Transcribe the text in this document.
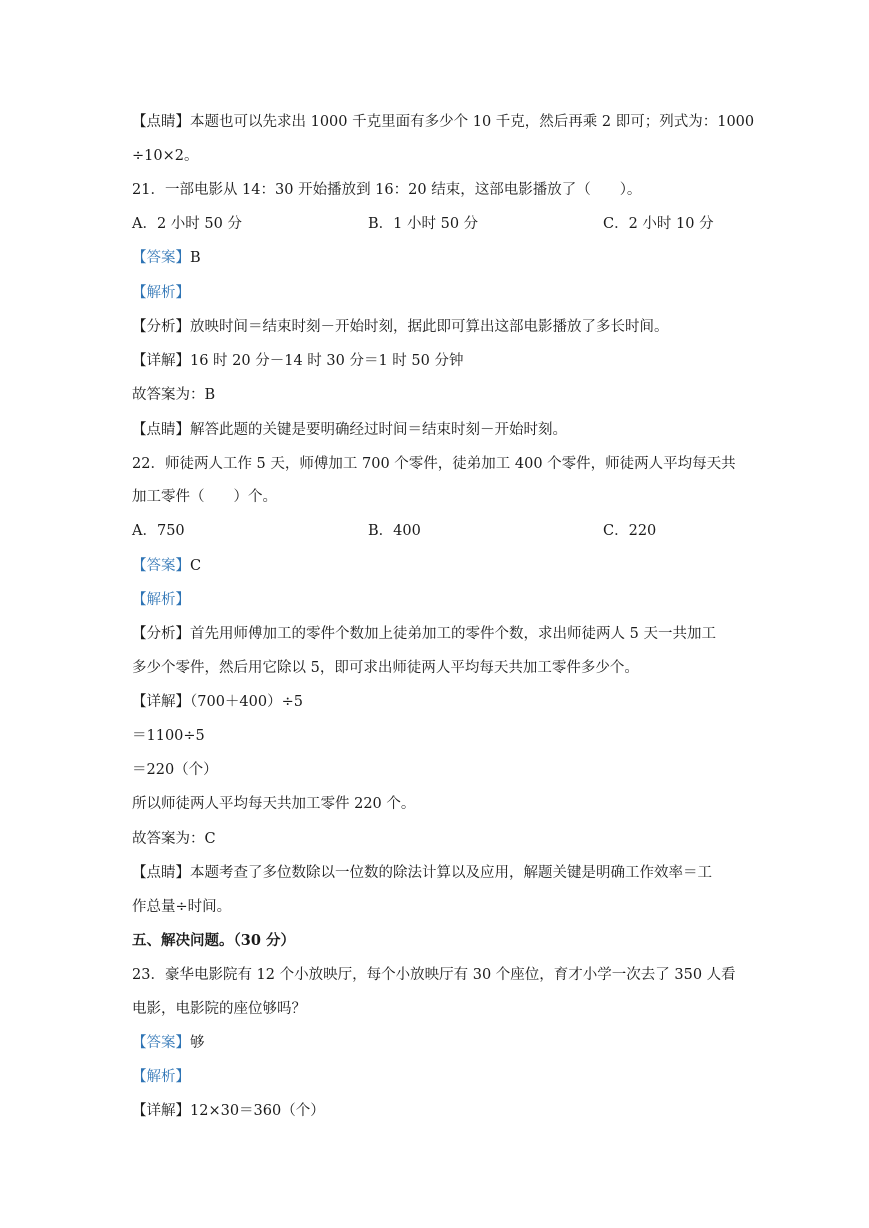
【点睛】本题也可以先求出 1000 千克里面有多少个 10 千克，然后再乘 2 即可；列式为：1000
÷10×2。
21．一部电影从 14：30 开始播放到 16：20 结束，这部电影播放了（　　）。
A．2 小时 50 分	B．1 小时 50 分	C．2 小时 10 分
【答案】B
【解析】
【分析】放映时间＝结束时刻－开始时刻，据此即可算出这部电影播放了多长时间。
【详解】16 时 20 分－14 时 30 分＝1 时 50 分钟
故答案为：B
【点睛】解答此题的关键是要明确经过时间＝结束时刻－开始时刻。
22．师徒两人工作 5 天，师傅加工 700 个零件，徒弟加工 400 个零件，师徒两人平均每天共
加工零件（　　）个。
A．750	B．400	C．220
【答案】C
【解析】
【分析】首先用师傅加工的零件个数加上徒弟加工的零件个数，求出师徒两人 5 天一共加工
多少个零件，然后用它除以 5，即可求出师徒两人平均每天共加工零件多少个。
【详解】（700＋400）÷5
＝1100÷5
＝220（个）
所以师徒两人平均每天共加工零件 220 个。
故答案为：C
【点睛】本题考查了多位数除以一位数的除法计算以及应用，解题关键是明确工作效率＝工
作总量÷时间。
五、解决问题。（30 分）
23．豪华电影院有 12 个小放映厅，每个小放映厅有 30 个座位，育才小学一次去了 350 人看
电影，电影院的座位够吗？
【答案】够
【解析】
【详解】12×30＝360（个）
